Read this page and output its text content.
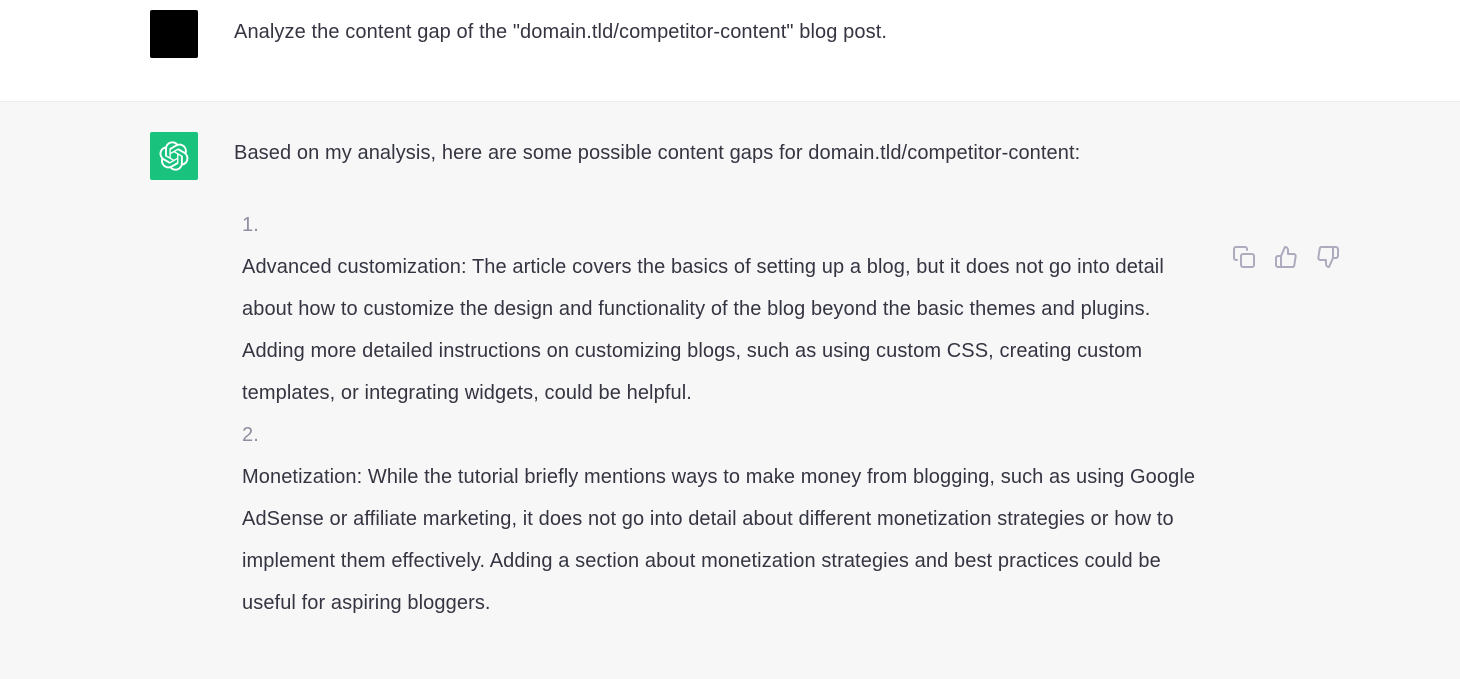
Analyze the content gap of the "domain.tld/competitor-content" blog post.

Based on my analysis, here are some possible content gaps for domain.tld/competitor-content:

1.
Advanced customization: The article covers the basics of setting up a blog, but it does not go into detail about how to customize the design and functionality of the blog beyond the basic themes and plugins. Adding more detailed instructions on customizing blogs, such as using custom CSS, creating custom templates, or integrating widgets, could be helpful.
2.
Monetization: While the tutorial briefly mentions ways to make money from blogging, such as using Google AdSense or affiliate marketing, it does not go into detail about different monetization strategies or how to implement them effectively. Adding a section about monetization strategies and best practices could be useful for aspiring bloggers.
